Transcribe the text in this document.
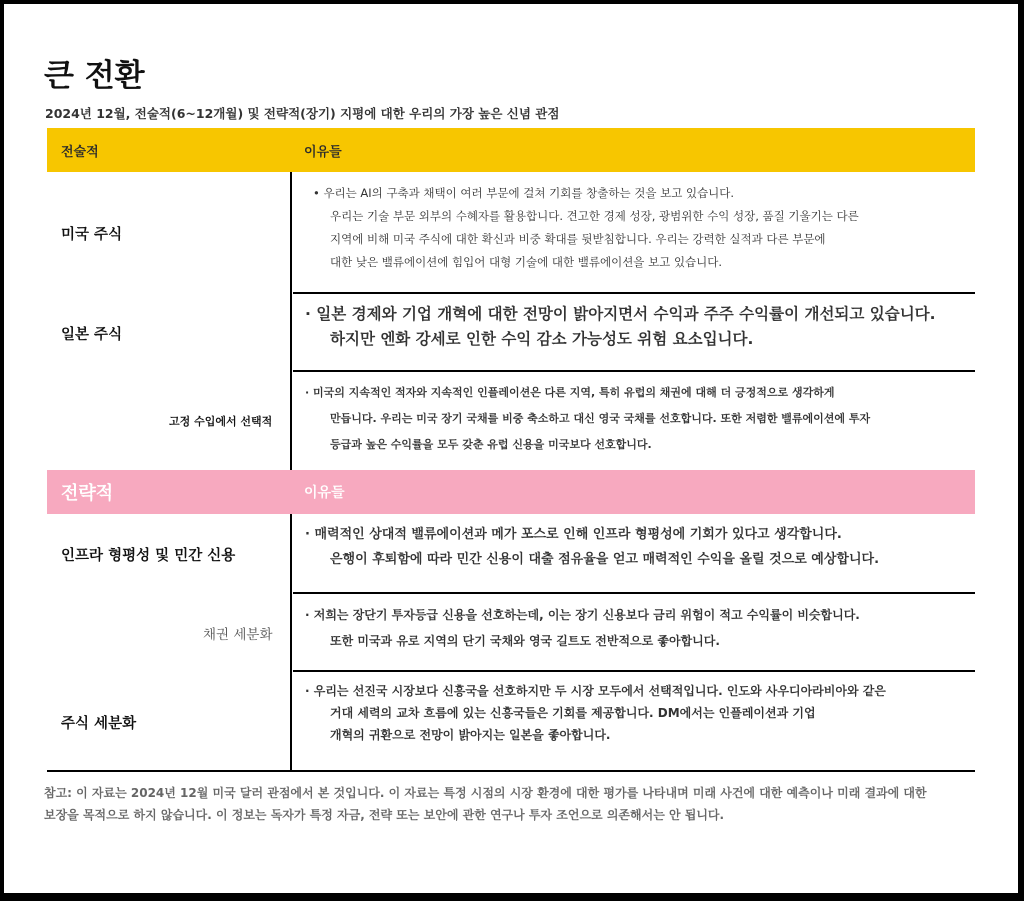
큰 전환
2024년 12월, 전술적(6~12개월) 및 전략적(장기) 지평에 대한 우리의 가장 높은 신념 관점
전술적	이유들
미국 주식

• 우리는 AI의 구축과 채택이 여러 부문에 걸쳐 기회를 창출하는 것을 보고 있습니다.

우리는 기술 부문 외부의 수혜자를 활용합니다. 견고한 경제 성장, 광범위한 수익 성장, 품질 기울기는 다른

지역에 비해 미국 주식에 대한 확신과 비중 확대를 뒷받침합니다. 우리는 강력한 실적과 다른 부문에

대한 낮은 밸류에이션에 힘입어 대형 기술에 대한 밸류에이션을 보고 있습니다.

일본 주식

· 일본 경제와 기업 개혁에 대한 전망이 밝아지면서 수익과 주주 수익률이 개선되고 있습니다.

하지만 엔화 강세로 인한 수익 감소 가능성도 위험 요소입니다.

고정 수입에서 선택적

· 미국의 지속적인 적자와 지속적인 인플레이션은 다른 지역, 특히 유럽의 채권에 대해 더 긍정적으로 생각하게

만듭니다. 우리는 미국 장기 국채를 비중 축소하고 대신 영국 국채를 선호합니다. 또한 저렴한 밸류에이션에 투자

등급과 높은 수익률을 모두 갖춘 유럽 신용을 미국보다 선호합니다.

전략적	이유들
인프라 형평성 및 민간 신용

· 매력적인 상대적 밸류에이션과 메가 포스로 인해 인프라 형평성에 기회가 있다고 생각합니다.

은행이 후퇴함에 따라 민간 신용이 대출 점유율을 얻고 매력적인 수익을 올릴 것으로 예상합니다.

채권 세분화

· 저희는 장단기 투자등급 신용을 선호하는데, 이는 장기 신용보다 금리 위험이 적고 수익률이 비슷합니다.

또한 미국과 유로 지역의 단기 국채와 영국 길트도 전반적으로 좋아합니다.

주식 세분화

· 우리는 선진국 시장보다 신흥국을 선호하지만 두 시장 모두에서 선택적입니다. 인도와 사우디아라비아와 같은

거대 세력의 교차 흐름에 있는 신흥국들은 기회를 제공합니다. DM에서는 인플레이션과 기업

개혁의 귀환으로 전망이 밝아지는 일본을 좋아합니다.

참고: 이 자료는 2024년 12월 미국 달러 관점에서 본 것입니다. 이 자료는 특정 시점의 시장 환경에 대한 평가를 나타내며 미래 사건에 대한 예측이나 미래 결과에 대한

보장을 목적으로 하지 않습니다. 이 정보는 독자가 특정 자금, 전략 또는 보안에 관한 연구나 투자 조언으로 의존해서는 안 됩니다.
